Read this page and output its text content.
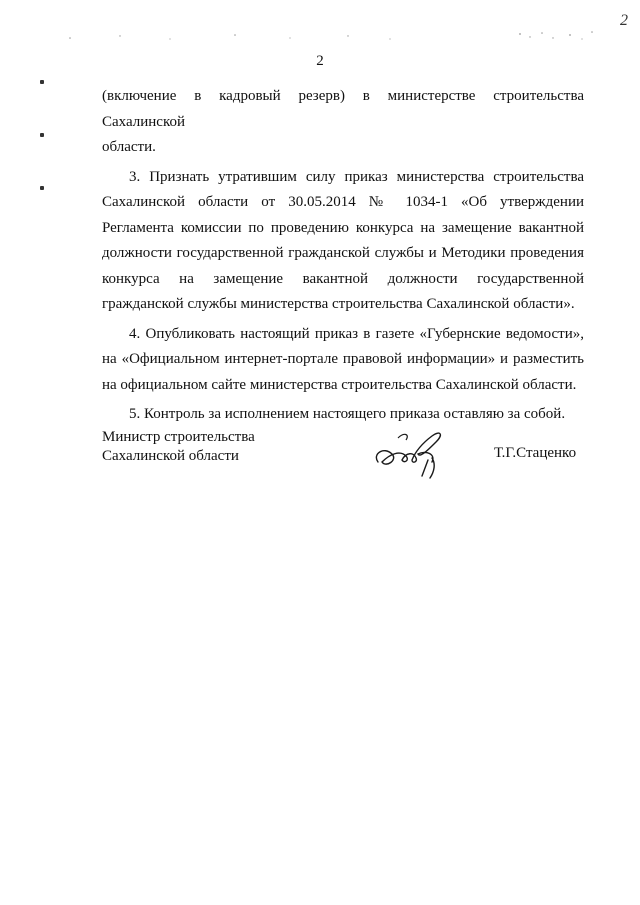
2
2

(включение в кадровый резерв) в министерстве строительства Сахалинской

области.

3. Признать утратившим силу приказ министерства строительства Сахалинской области от 30.05.2014 № 1034-1 «Об утверждении Регламента комиссии по проведению конкурса на замещение вакантной должности государственной гражданской службы и Методики проведения конкурса на замещение вакантной должности государственной гражданской службы министерства строительства Сахалинской области».

4. Опубликовать настоящий приказ в газете «Губернские ведомости», на «Официальном интернет-портале правовой информации» и разместить на официальном сайте министерства строительства Сахалинской области.

5. Контроль за исполнением настоящего приказа оставляю за собой.

Министр строительства
Сахалинской области	Т.Г.Стаценко
